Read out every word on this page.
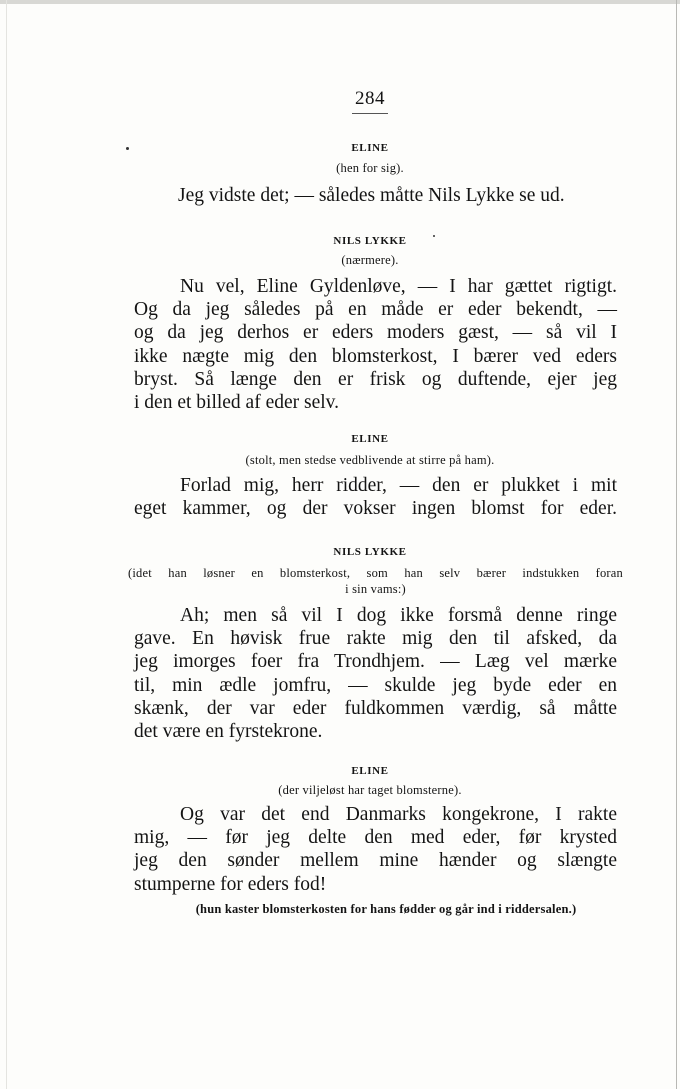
284
ELINE
(hen for sig).
Jeg vidste det; — således måtte Nils Lykke se ud.
NILS LYKKE
(nærmere).
Nu vel, Eline Gyldenløve, — I har gættet rigtigt.
Og da jeg således på en måde er eder bekendt, —
og da jeg derhos er eders moders gæst, — så vil I
ikke nægte mig den blomsterkost, I bærer ved eders
bryst. Så længe den er frisk og duftende, ejer jeg
i den et billed af eder selv.
ELINE
(stolt, men stedse vedblivende at stirre på ham).
Forlad mig, herr ridder, — den er plukket i mit
eget kammer, og der vokser ingen blomst for eder.
NILS LYKKE
(idet han løsner en blomsterkost, som han selv bærer indstukken foran
i sin vams:)
Ah; men så vil I dog ikke forsmå denne ringe
gave. En høvisk frue rakte mig den til afsked, da
jeg imorges foer fra Trondhjem. — Læg vel mærke
til, min ædle jomfru, — skulde jeg byde eder en
skænk, der var eder fuldkommen værdig, så måtte
det være en fyrstekrone.
ELINE
(der viljeløst har taget blomsterne).
Og var det end Danmarks kongekrone, I rakte
mig, — før jeg delte den med eder, før krysted
jeg den sønder mellem mine hænder og slængte
stumperne for eders fod!
(hun kaster blomsterkosten for hans fødder og går ind i riddersalen.)
